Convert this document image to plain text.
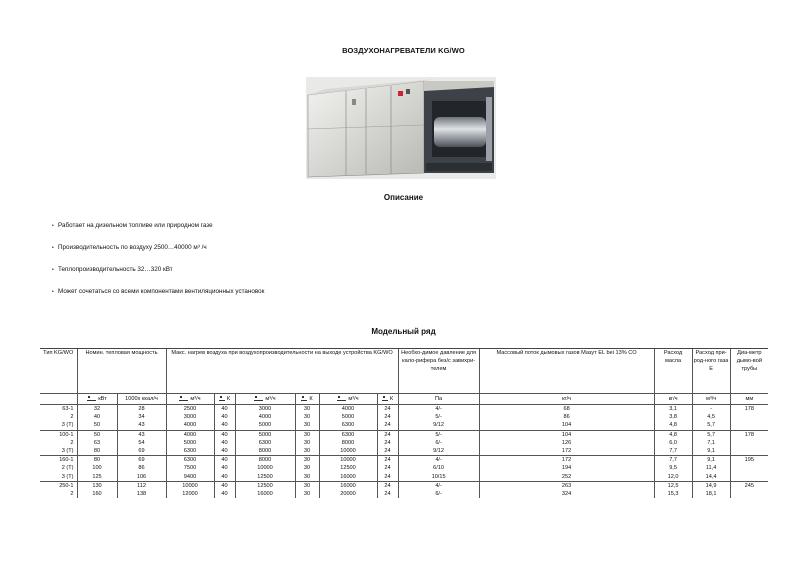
ВОЗДУХОНАГРЕВАТЕЛИ KG/WO
Описание
• Работает на дизельном топливе или природном газе
• Производительность по воздуху 2500…40000 м³ /ч
• Теплопроизводительность 32…320 кВт
• Может сочетаться со всеми компонентами вентиляционных установок
Модельный ряд
Тип KG/WO	Номин. тепловая мощность		Макс. нагрев воздуха при воздухопроизводительности на выходе устройства KG/WO						Необхо-димое давление для кало-рифера без/с завихри-телем	Массовый поток дымовых газов Мазут EL bei 13% CO	Расход масла	Расход при-род-ного газа E	Диа-метр дымо-вой трубы
	кВт	1000x ккал/ч	м³/ч	К	м³/ч	К	м³/ч	К	Па	кг/ч	кг/ч	м³/ч	мм
63-1	32	28	2500	40	3000	30	4000	24	4/-	68	3,1	-	178
2	40	34	3000	40	4000	30	5000	24	5/-	86	3,8	4,5	
3 (T)	50	43	4000	40	5000	30	6300	24	9/12	104	4,8	5,7	
100-1	50	43	4000	40	5000	30	6300	24	5/-	104	4,8	5,7	178
2	63	54	5000	40	6300	30	8000	24	6/-	126	6,0	7,1	
3 (T)	80	69	6300	40	8000	30	10000	24	9/12	172	7,7	9,1	
160-1	80	69	6300	40	8000	30	10000	24	4/-	172	7,7	9,1	195
2 (T)	100	86	7500	40	10000	30	12500	24	6/10	194	9,5	11,4	
3 (T)	125	106	9400	40	12500	30	16000	24	10/15	252	12,0	14,4	
250-1	130	112	10000	40	12500	30	16000	24	4/-	263	12,5	14,9	245
2	160	138	12000	40	16000	30	20000	24	6/-	324	15,3	18,1	
